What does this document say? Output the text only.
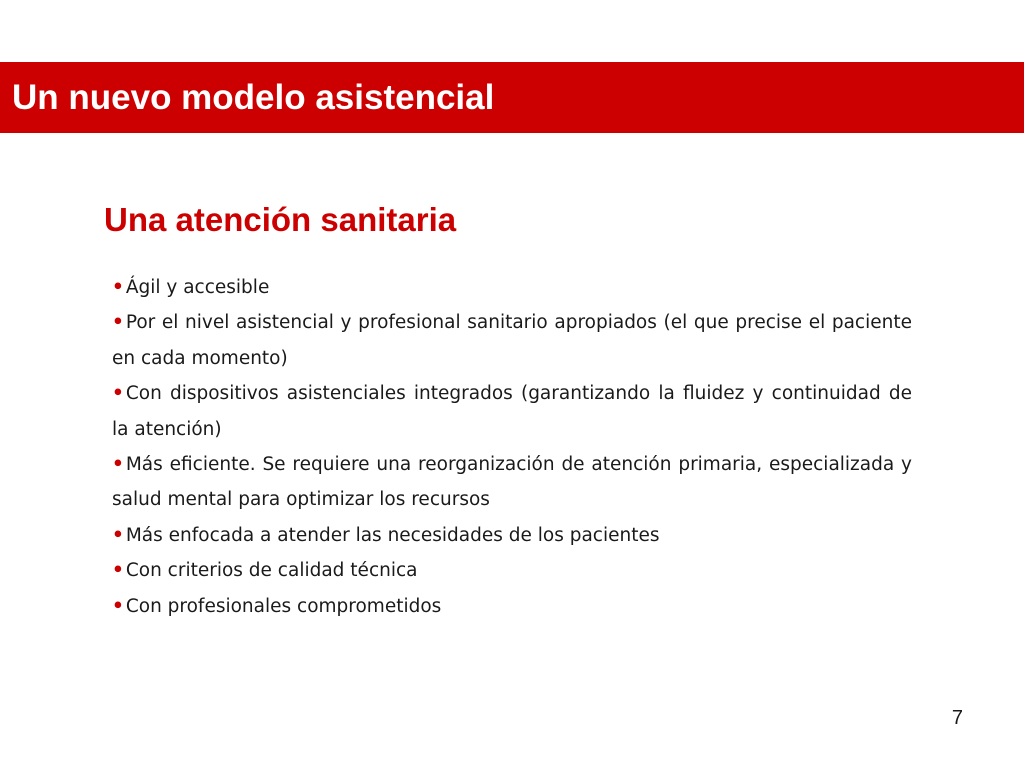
Un nuevo modelo asistencial
Una atención sanitaria
• Ágil y accesible
• Por el nivel asistencial y profesional sanitario apropiados (el que precise el paciente en cada momento)
• Con dispositivos asistenciales integrados (garantizando la fluidez y continuidad de la atención)
• Más eficiente. Se requiere una reorganización de atención primaria, especializada y salud mental para optimizar los recursos
• Más enfocada a atender las necesidades de los pacientes
• Con criterios de calidad técnica
• Con profesionales comprometidos
7
